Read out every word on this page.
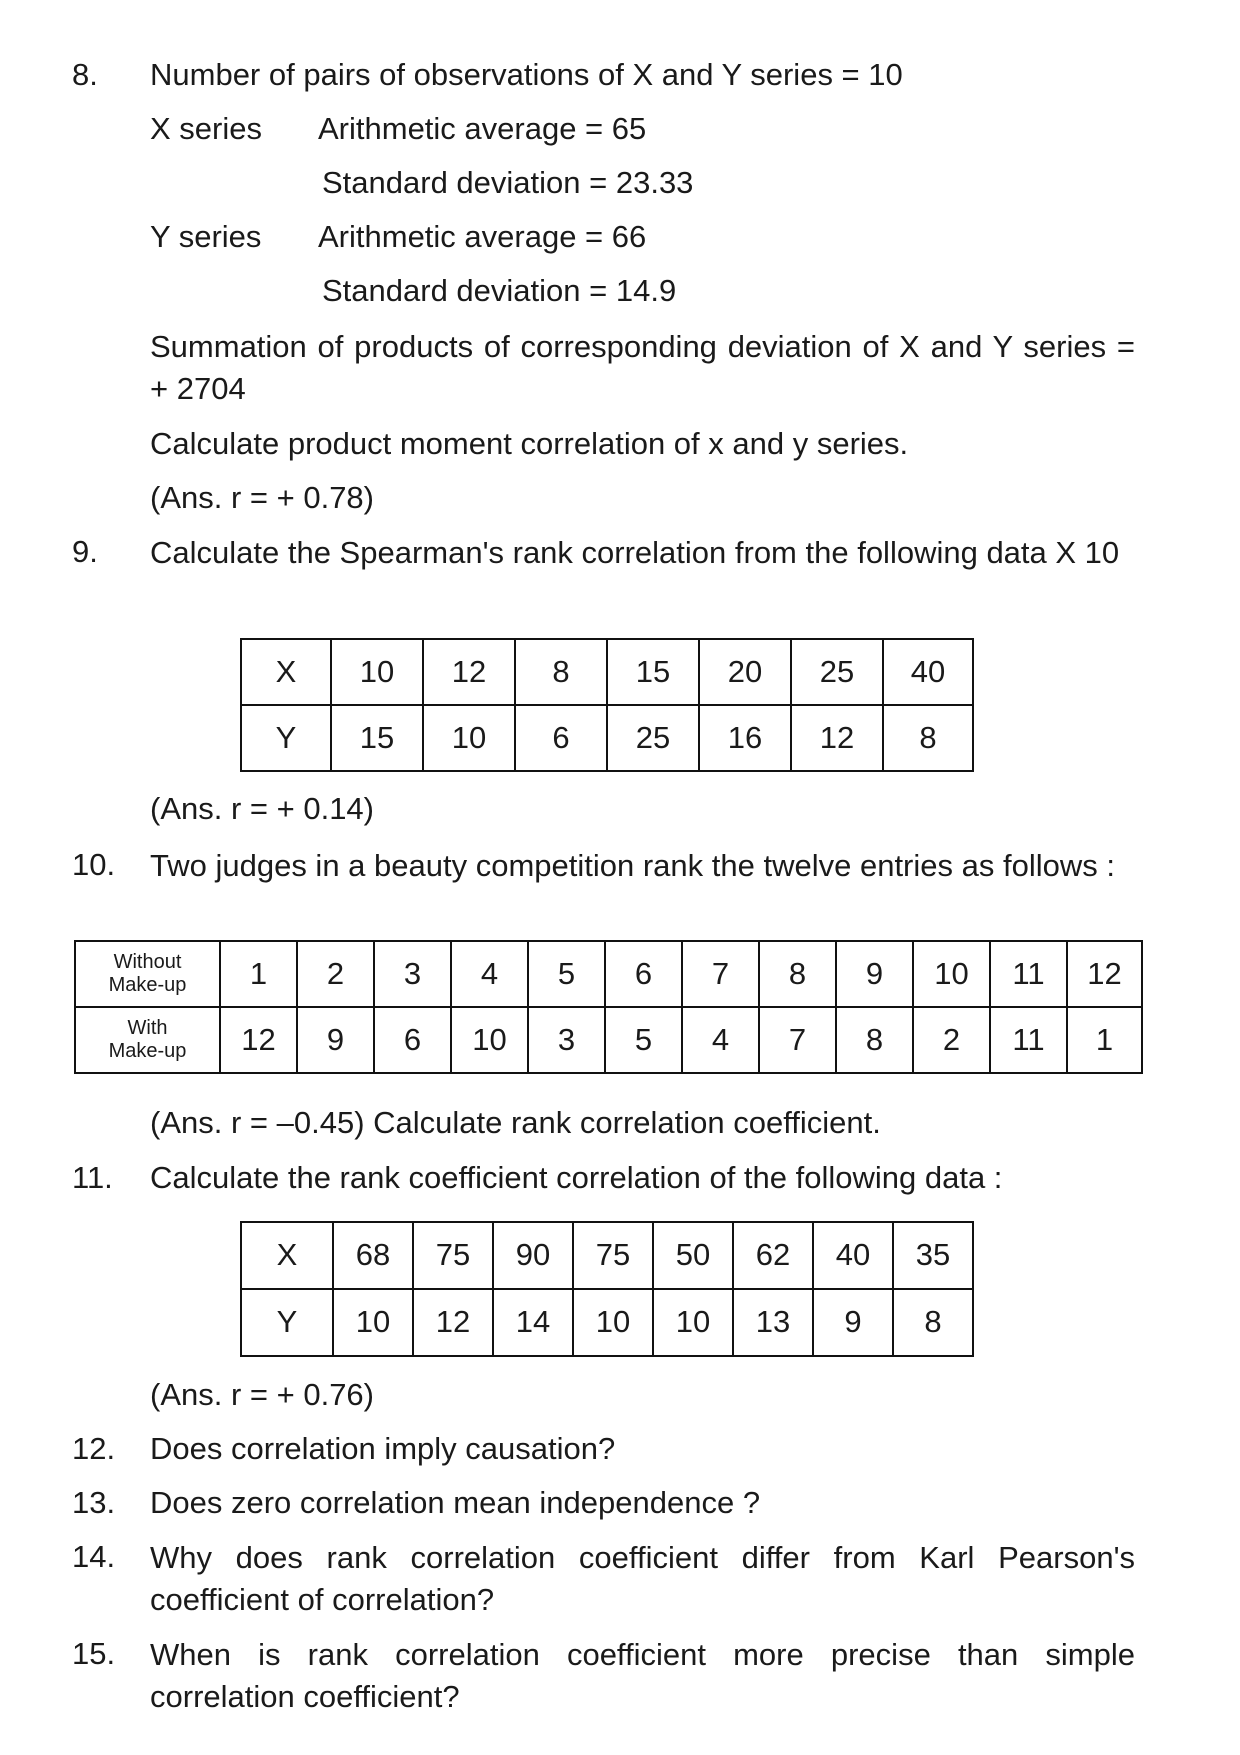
8. Number of pairs of observations of X and Y series = 10
X series Arithmetic average = 65
Standard deviation = 23.33
Y series Arithmetic average = 66
Standard deviation = 14.9
Summation of products of corresponding deviation of X and Y series = + 2704
Calculate product moment correlation of x and y series.
(Ans. r = + 0.78)
9. Calculate the Spearman's rank correlation from the following data X 10
X	10	12	8	15	20	25	40
Y	15	10	6	25	16	12	8
(Ans. r = + 0.14)
10. Two judges in a beauty competition rank the twelve entries as follows :
Without
Make-up	1	2	3	4	5	6	7	8	9	10	11	12
With
Make-up	12	9	6	10	3	5	4	7	8	2	11	1
(Ans. r = –0.45) Calculate rank correlation coefficient.
11. Calculate the rank coefficient correlation of the following data :
X	68	75	90	75	50	62	40	35
Y	10	12	14	10	10	13	9	8
(Ans. r = + 0.76)
12. Does correlation imply causation?
13. Does zero correlation mean independence ?
14. Why does rank correlation coefficient differ from Karl Pearson's coefficient of correlation?
15. When is rank correlation coefficient more precise than simple correlation coefficient?
